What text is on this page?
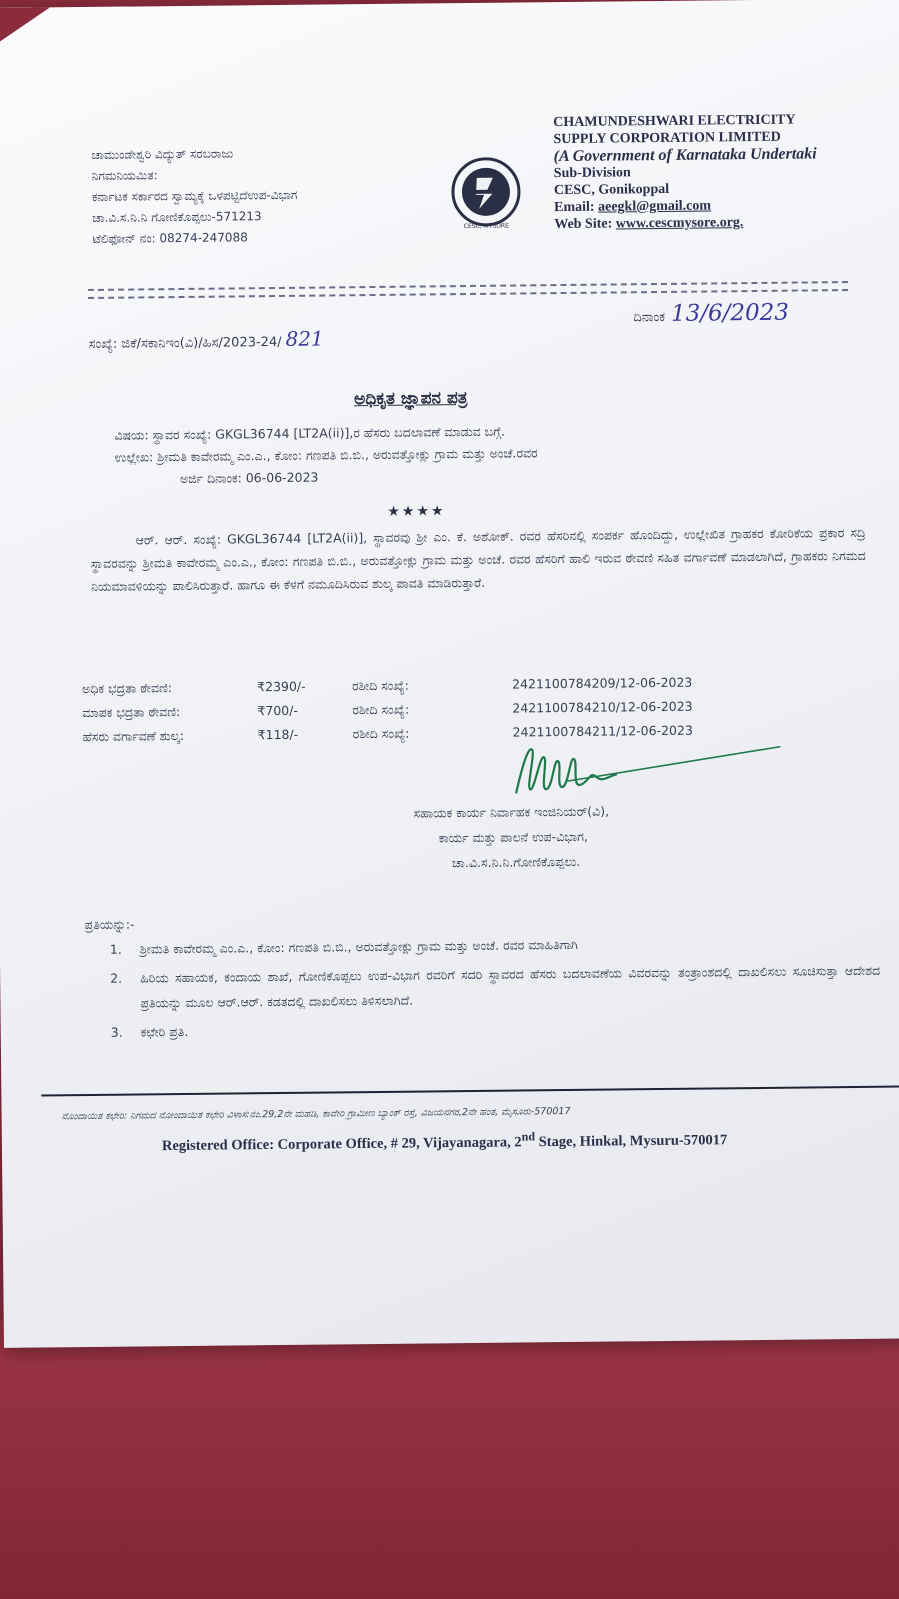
ಚಾಮುಂಡೇಶ್ವರಿ ವಿದ್ಯುತ್ ಸರಬರಾಜು
ನಿಗಮನಿಯಮಿತ:
ಕರ್ನಾಟಕ ಸರ್ಕಾರದ ಸ್ವಾಮ್ಯಕ್ಕೆ ಒಳಪಟ್ಟಿದೆಉಪ-ವಿಭಾಗ
ಚಾ.ವಿ.ಸ.ನಿ.ನಿ ಗೋಣಿಕೊಪ್ಪಲು-571213
ಟೆಲಿಫೋನ್ ನಂ: 08274-247088
CESC, MYSORE
CHAMUNDESHWARI ELECTRICITY
SUPPLY CORPORATION LIMITED
(A Government of Karnataka Undertaki
Sub-Division
CESC, Gonikoppal
Email: aeegkl@gmail.com
Web Site: www.cescmysore.org.
ಸಂಖ್ಯೆ: ಜಿಕೆ/ಸಕಾನಿಇಂ(ವಿ)/ಹಿಸ/2023-24/ 821
ದಿನಾಂಕ 13/6/2023
ಅಧಿಕೃತ ಜ್ಞಾಪನ ಪತ್ರ
ವಿಷಯ: ಸ್ಥಾವರ ಸಂಖ್ಯೆ: GKGL36744 [LT2A(ii)],ರ ಹೆಸರು ಬದಲಾವಣೆ ಮಾಡುವ ಬಗ್ಗೆ.
ಉಲ್ಲೇಖ: ಶ್ರೀಮತಿ ಕಾವೇರಮ್ಮ ಎಂ.ಎ., ಕೋಂ: ಗಣಪತಿ ಬಿ.ಬಿ., ಅರುವತ್ತೋಕ್ಲು ಗ್ರಾಮ ಮತ್ತು ಅಂಚೆ.ರವರ
ಅರ್ಜಿ ದಿನಾಂಕ: 06-06-2023
★★★★
ಆರ್. ಆರ್. ಸಂಖ್ಯೆ: GKGL36744 [LT2A(ii)], ಸ್ಥಾವರವು ಶ್ರೀ ಎಂ. ಕೆ. ಅಶೋಕ್. ರವರ ಹೆಸರಿನಲ್ಲಿ ಸಂಪರ್ಕ ಹೊಂದಿದ್ದು, ಉಲ್ಲೇಖಿತ ಗ್ರಾಹಕರ ಕೋರಿಕೆಯ ಪ್ರಕಾರ ಸದ್ರಿ ಸ್ಥಾವರವನ್ನು ಶ್ರೀಮತಿ ಕಾವೇರಮ್ಮ ಎಂ.ಎ., ಕೋಂ: ಗಣಪತಿ ಬಿ.ಬಿ., ಅರುವತ್ತೋಕ್ಲು ಗ್ರಾಮ ಮತ್ತು ಅಂಚೆ. ರವರ ಹೆಸರಿಗೆ ಹಾಲಿ ಇರುವ ಠೇವಣಿ ಸಹಿತ ವರ್ಗಾವಣೆ ಮಾಡಲಾಗಿದೆ, ಗ್ರಾಹಕರು ನಿಗಮದ ನಿಯಮಾವಳಿಯನ್ನು ಪಾಲಿಸಿರುತ್ತಾರೆ. ಹಾಗೂ ಈ ಕೆಳಗೆ ನಮೂದಿಸಿರುವ ಶುಲ್ಕ ಪಾವತಿ ಮಾಡಿರುತ್ತಾರೆ.
ಅಧಿಕ ಭದ್ರತಾ ಠೇವಣಿ:	₹2390/-	ರಶೀದಿ ಸಂಖ್ಯೆ:	2421100784209/12-06-2023
ಮಾಪಕ ಭದ್ರತಾ ಠೇವಣಿ:	₹700/-	ರಶೀದಿ ಸಂಖ್ಯೆ:	2421100784210/12-06-2023
ಹೆಸರು ವರ್ಗಾವಣೆ ಶುಲ್ಕ:	₹118/-	ರಶೀದಿ ಸಂಖ್ಯೆ:	2421100784211/12-06-2023
ಸಹಾಯಕ ಕಾರ್ಯ ನಿರ್ವಾಹಕ ಇಂಜಿನಿಯರ್(ವಿ),
ಕಾರ್ಯ ಮತ್ತು ಪಾಲನೆ ಉಪ-ವಿಭಾಗ,
ಚಾ.ವಿ.ಸ.ನಿ.ನಿ.ಗೋಣಿಕೊಪ್ಪಲು.
ಪ್ರತಿಯನ್ನು:-
1.	ಶ್ರೀಮತಿ ಕಾವೇರಮ್ಮ ಎಂ.ಎ., ಕೋಂ: ಗಣಪತಿ ಬಿ.ಬಿ., ಅರುವತ್ತೋಕ್ಲು ಗ್ರಾಮ ಮತ್ತು ಅಂಚೆ. ರವರ ಮಾಹಿತಿಗಾಗಿ
2.	ಹಿರಿಯ ಸಹಾಯಕ, ಕಂದಾಯ ಶಾಖೆ, ಗೋಣಿಕೊಪ್ಪಲು ಉಪ-ವಿಭಾಗ ರವರಿಗೆ ಸದರಿ ಸ್ಥಾವರದ ಹೆಸರು ಬದಲಾವಣೆಯ ವಿವರವನ್ನು ತಂತ್ರಾಂಶದಲ್ಲಿ ದಾಖಲಿಸಲು ಸೂಚಿಸುತ್ತಾ ಆದೇಶದ ಪ್ರತಿಯನ್ನು ಮೂಲ ಆರ್.ಆರ್. ಕಡತದಲ್ಲಿ ದಾಖಲಿಸಲು ತಿಳಿಸಲಾಗಿದೆ.
3.	ಕಛೇರಿ ಪ್ರತಿ.
ನೊಂದಾಯಿತ ಕಛೇರಿ: ನಿಗಮದ ನೋಂದಾಯಿತ ಕಛೇರಿ ವಿಳಾಸ:ನಂ.29,2ನೇ ಮಹಡಿ, ಕಾವೇರಿ ಗ್ರಾಮೀಣ ಬ್ಯಾಂಕ್ ರಸ್ತೆ, ವಿಜಯನಗರ,2ನೇ ಹಂತ, ಮೈಸೂರು-570017
Registered Office: Corporate Office, # 29, Vijayanagara, 2nd Stage, Hinkal, Mysuru-570017
